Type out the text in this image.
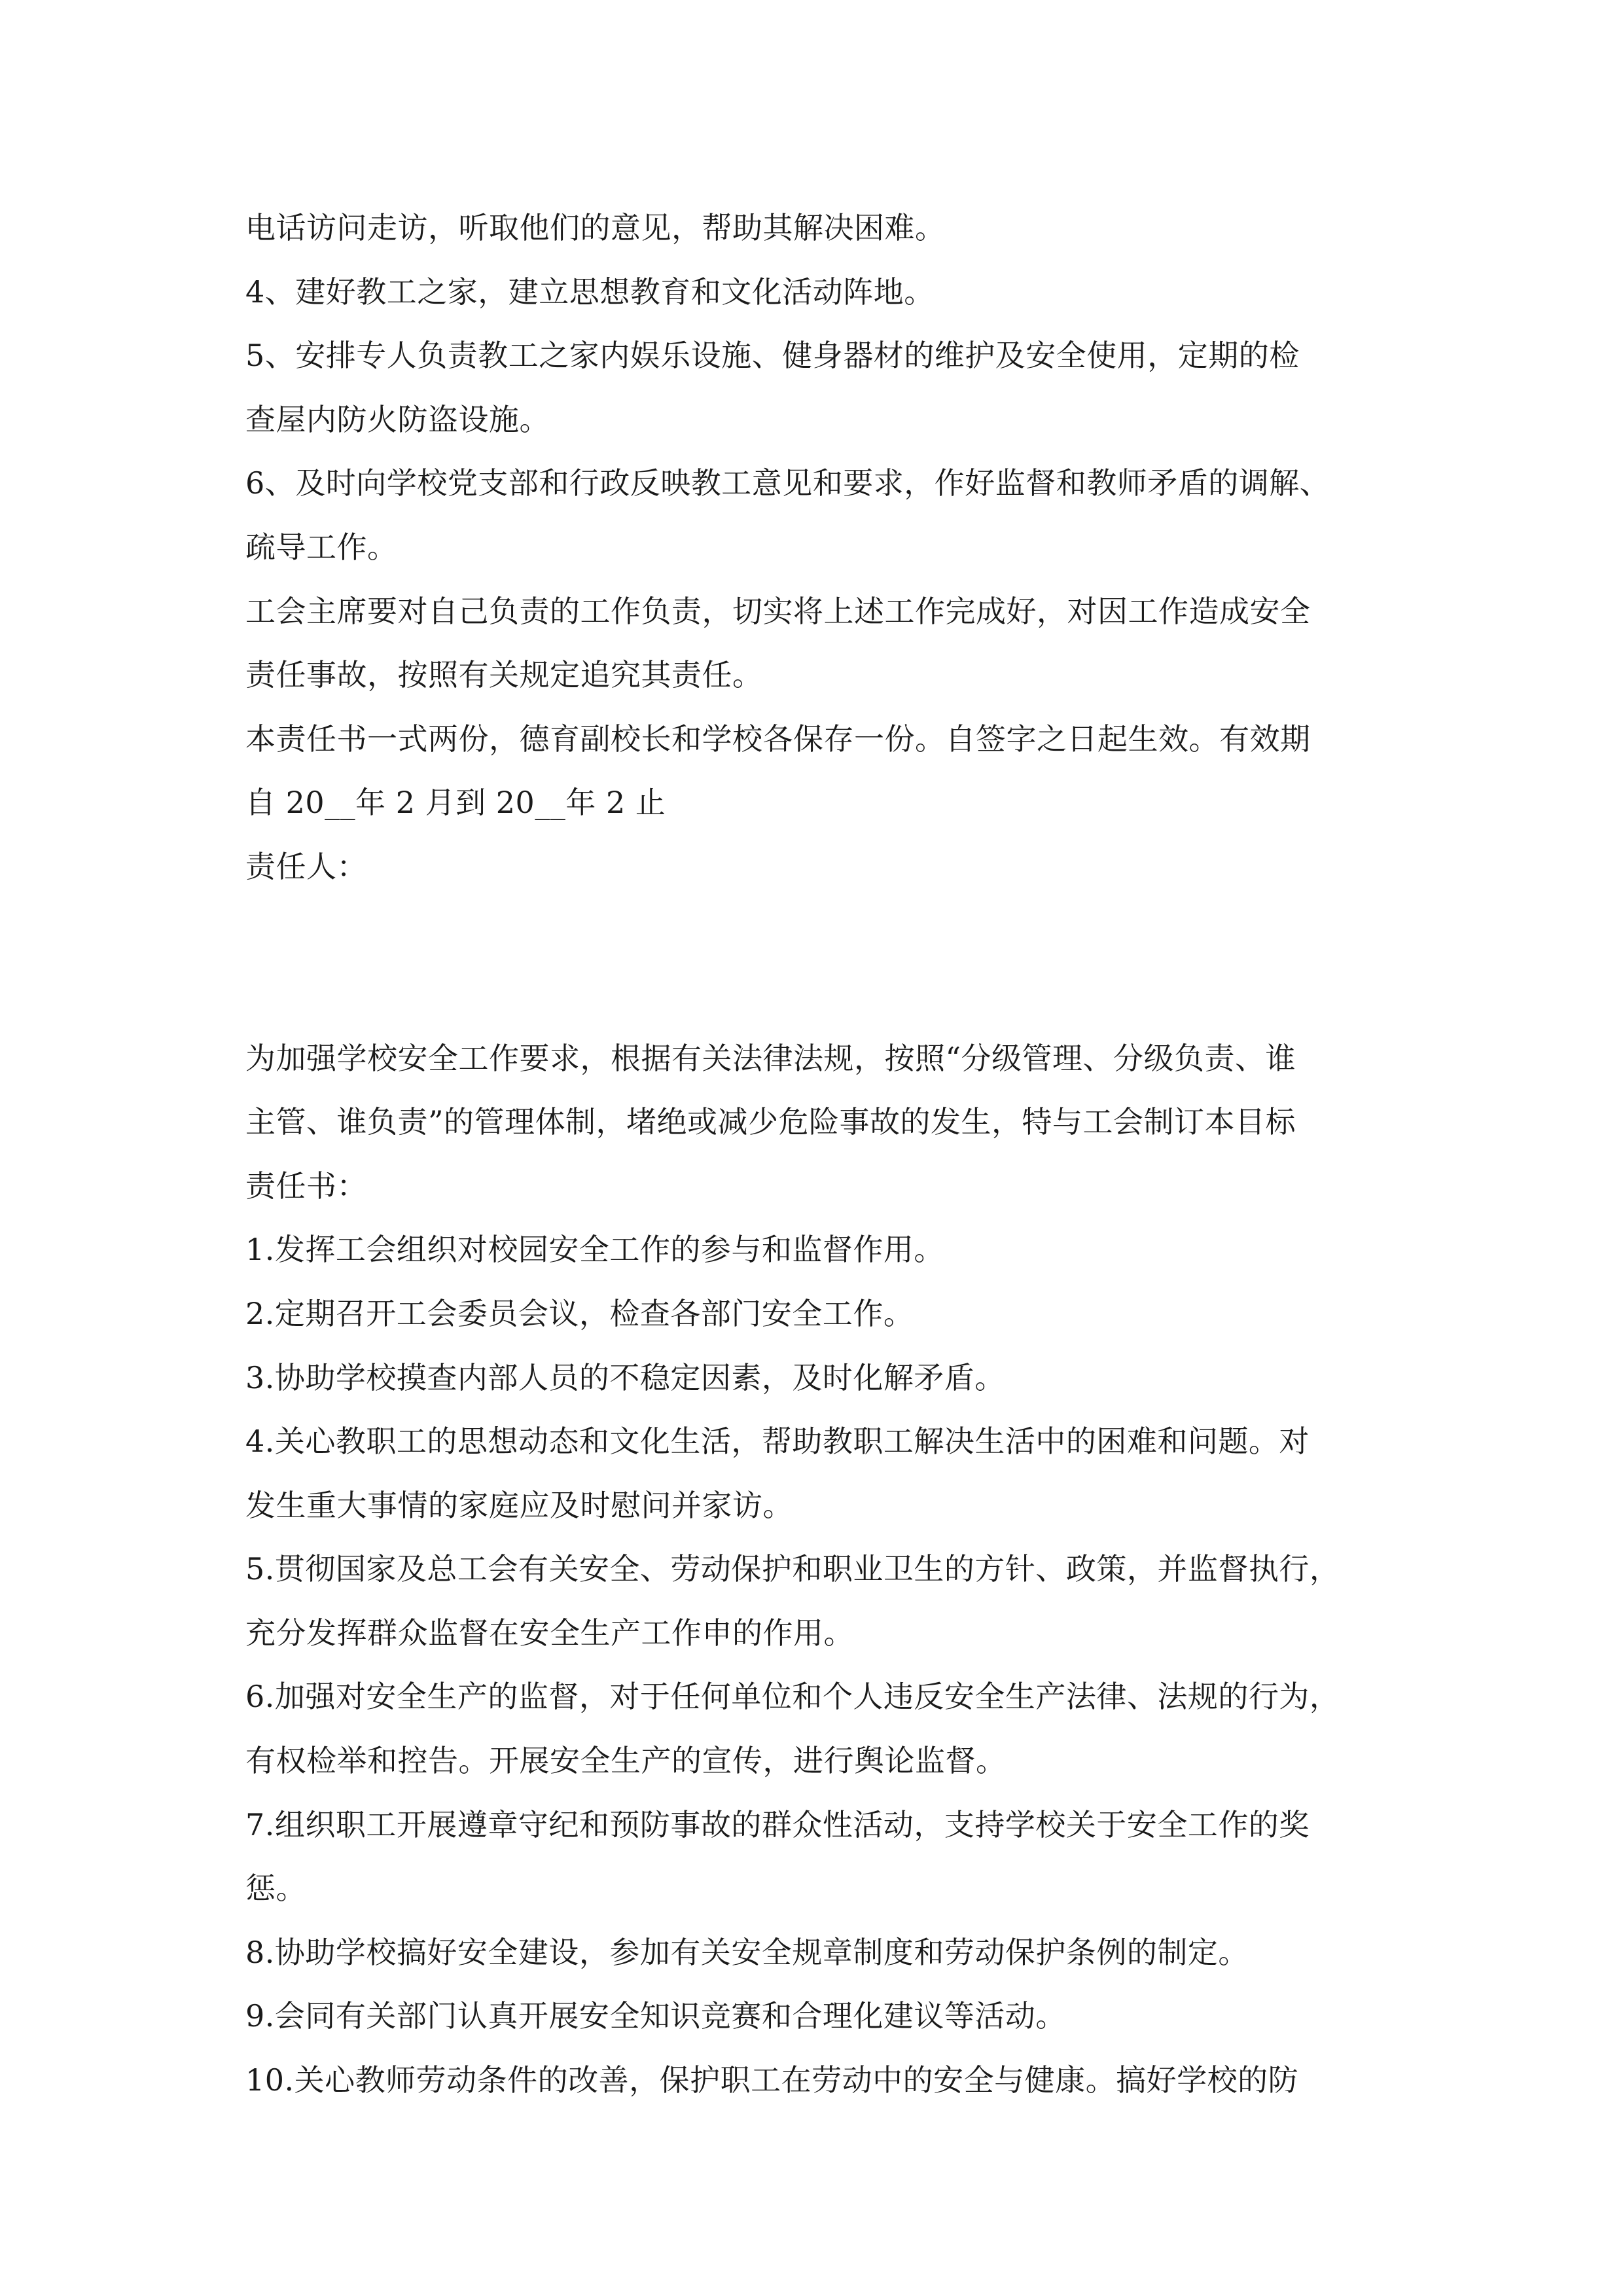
电话访问走访，听取他们的意见，帮助其解决困难。
4、建好教工之家，建立思想教育和文化活动阵地。
5、安排专人负责教工之家内娱乐设施、健身器材的维护及安全使用，定期的检
查屋内防火防盗设施。
6、及时向学校党支部和行政反映教工意见和要求，作好监督和教师矛盾的调解、
疏导工作。
工会主席要对自己负责的工作负责，切实将上述工作完成好，对因工作造成安全
责任事故，按照有关规定追究其责任。
本责任书一式两份，德育副校长和学校各保存一份。自签字之日起生效。有效期
自 20__年 2 月到 20__年 2 止
责任人：
为加强学校安全工作要求，根据有关法律法规，按照“分级管理、分级负责、谁
主管、谁负责”的管理体制，堵绝或减少危险事故的发生，特与工会制订本目标
责任书：
1.发挥工会组织对校园安全工作的参与和监督作用。
2.定期召开工会委员会议，检查各部门安全工作。
3.协助学校摸查内部人员的不稳定因素，及时化解矛盾。
4.关心教职工的思想动态和文化生活，帮助教职工解决生活中的困难和问题。对
发生重大事情的家庭应及时慰问并家访。
5.贯彻国家及总工会有关安全、劳动保护和职业卫生的方针、政策，并监督执行，
充分发挥群众监督在安全生产工作申的作用。
6.加强对安全生产的监督，对于任何单位和个人违反安全生产法律、法规的行为，
有权检举和控告。开展安全生产的宣传，进行舆论监督。
7.组织职工开展遵章守纪和预防事故的群众性活动，支持学校关于安全工作的奖
惩。
8.协助学校搞好安全建设，参加有关安全规章制度和劳动保护条例的制定。
9.会同有关部门认真开展安全知识竞赛和合理化建议等活动。
10.关心教师劳动条件的改善，保护职工在劳动中的安全与健康。搞好学校的防
